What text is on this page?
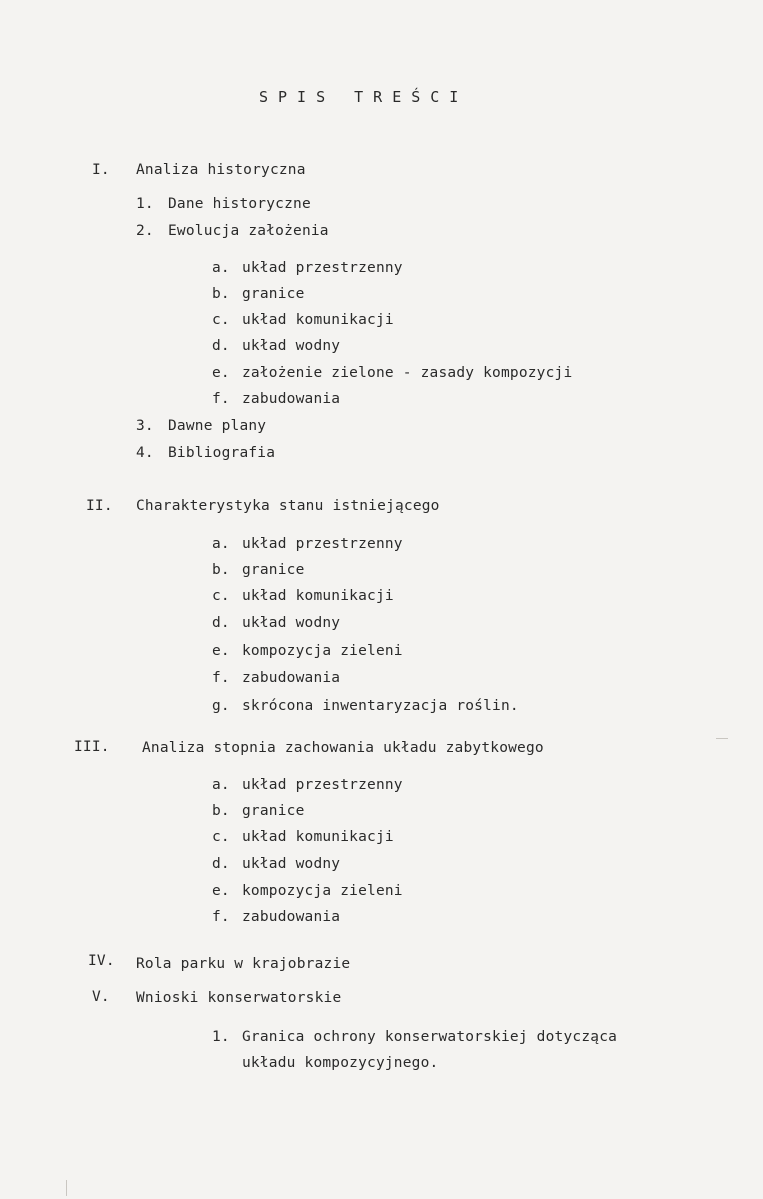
SPIS TREŚCI
I. Analiza historyczna
1. Dane historyczne
2. Ewolucja założenia
a. układ przestrzenny
b. granice
c. układ komunikacji
d. układ wodny
e. założenie zielone - zasady kompozycji
f. zabudowania
3. Dawne plany
4. Bibliografia
II. Charakterystyka stanu istniejącego
a. układ przestrzenny
b. granice
c. układ komunikacji
d. układ wodny
e. kompozycja zieleni
f. zabudowania
g. skrócona inwentaryzacja roślin.
III. Analiza stopnia zachowania układu zabytkowego
a. układ przestrzenny
b. granice
c. układ komunikacji
d. układ wodny
e. kompozycja zieleni
f. zabudowania
IV. Rola parku w krajobrazie
V. Wnioski konserwatorskie
1. Granica ochrony konserwatorskiej dotycząca
układu kompozycyjnego.
